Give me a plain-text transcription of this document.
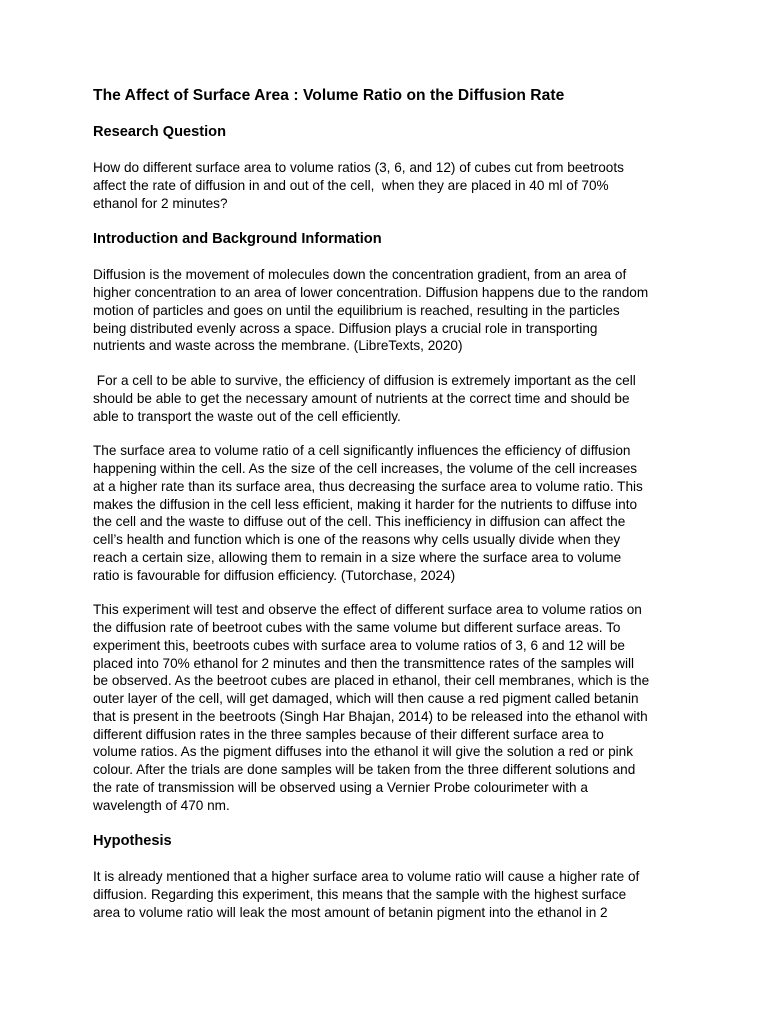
The Affect of Surface Area : Volume Ratio on the Diffusion Rate
Research Question

How do different surface area to volume ratios (3, 6, and 12) of cubes cut from beetroots
affect the rate of diffusion in and out of the cell,  when they are placed in 40 ml of 70%
ethanol for 2 minutes?

Introduction and Background Information

Diffusion is the movement of molecules down the concentration gradient, from an area of
higher concentration to an area of lower concentration. Diffusion happens due to the random
motion of particles and goes on until the equilibrium is reached, resulting in the particles
being distributed evenly across a space. Diffusion plays a crucial role in transporting
nutrients and waste across the membrane. (LibreTexts, 2020)

For a cell to be able to survive, the efficiency of diffusion is extremely important as the cell
should be able to get the necessary amount of nutrients at the correct time and should be
able to transport the waste out of the cell efficiently.

The surface area to volume ratio of a cell significantly influences the efficiency of diffusion
happening within the cell. As the size of the cell increases, the volume of the cell increases
at a higher rate than its surface area, thus decreasing the surface area to volume ratio. This
makes the diffusion in the cell less efficient, making it harder for the nutrients to diffuse into
the cell and the waste to diffuse out of the cell. This inefficiency in diffusion can affect the
cell’s health and function which is one of the reasons why cells usually divide when they
reach a certain size, allowing them to remain in a size where the surface area to volume
ratio is favourable for diffusion efficiency. (Tutorchase, 2024)

This experiment will test and observe the effect of different surface area to volume ratios on
the diffusion rate of beetroot cubes with the same volume but different surface areas. To
experiment this, beetroots cubes with surface area to volume ratios of 3, 6 and 12 will be
placed into 70% ethanol for 2 minutes and then the transmittence rates of the samples will
be observed. As the beetroot cubes are placed in ethanol, their cell membranes, which is the
outer layer of the cell, will get damaged, which will then cause a red pigment called betanin
that is present in the beetroots (Singh Har Bhajan, 2014) to be released into the ethanol with
different diffusion rates in the three samples because of their different surface area to
volume ratios. As the pigment diffuses into the ethanol it will give the solution a red or pink
colour. After the trials are done samples will be taken from the three different solutions and
the rate of transmission will be observed using a Vernier Probe colourimeter with a
wavelength of 470 nm.

Hypothesis

It is already mentioned that a higher surface area to volume ratio will cause a higher rate of
diffusion. Regarding this experiment, this means that the sample with the highest surface
area to volume ratio will leak the most amount of betanin pigment into the ethanol in 2
